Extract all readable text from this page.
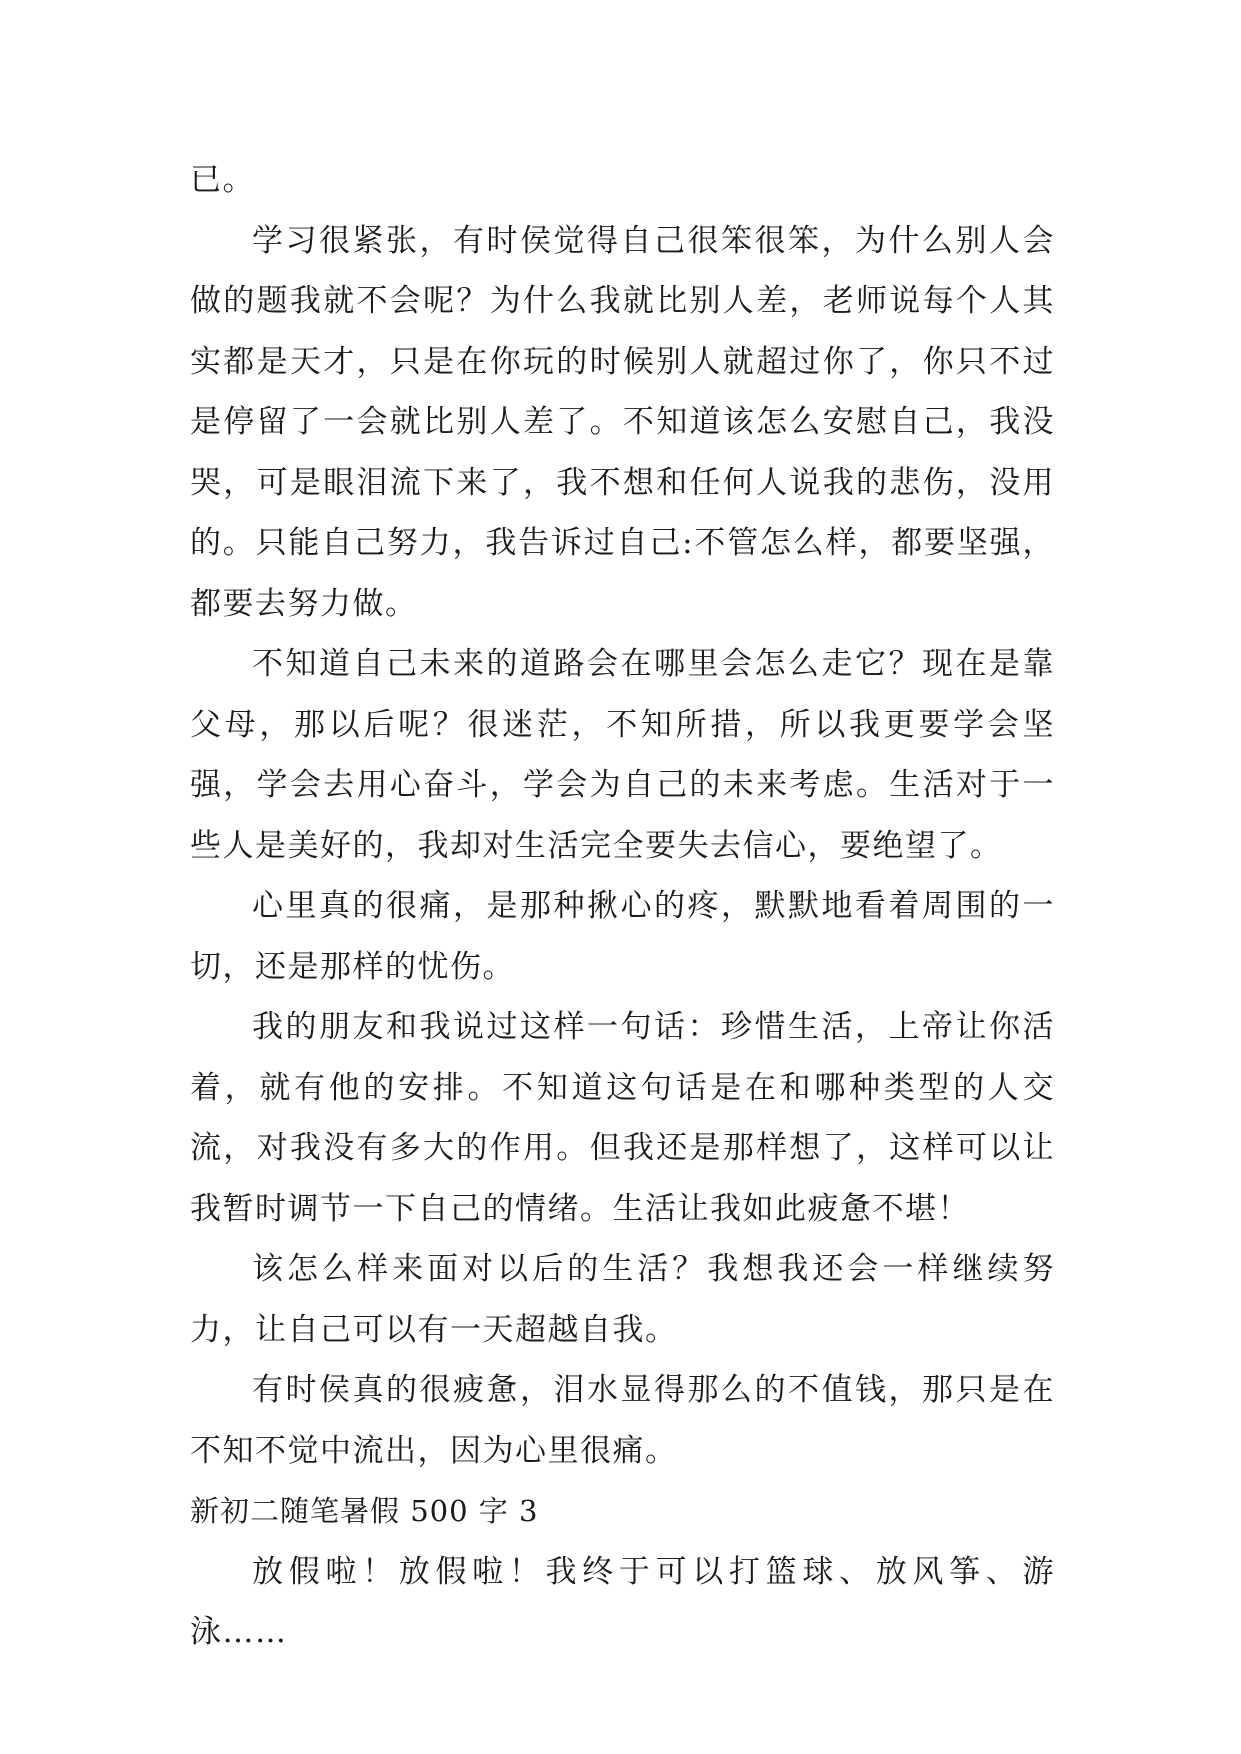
已。

学习很紧张，有时侯觉得自己很笨很笨，为什么别人会做的题我就不会呢？为什么我就比别人差，老师说每个人其实都是天才，只是在你玩的时候别人就超过你了，你只不过是停留了一会就比别人差了。不知道该怎么安慰自己，我没哭，可是眼泪流下来了，我不想和任何人说我的悲伤，没用的。只能自己努力，我告诉过自己:不管怎么样，都要坚强，都要去努力做。

不知道自己未来的道路会在哪里会怎么走它？现在是靠父母，那以后呢？很迷茫，不知所措，所以我更要学会坚强，学会去用心奋斗，学会为自己的未来考虑。生活对于一些人是美好的，我却对生活完全要失去信心，要绝望了。

心里真的很痛，是那种揪心的疼，默默地看着周围的一切，还是那样的忧伤。

我的朋友和我说过这样一句话：珍惜生活，上帝让你活着，就有他的安排。不知道这句话是在和哪种类型的人交流，对我没有多大的作用。但我还是那样想了，这样可以让我暂时调节一下自己的情绪。生活让我如此疲惫不堪！

该怎么样来面对以后的生活？我想我还会一样继续努力，让自己可以有一天超越自我。

有时侯真的很疲惫，泪水显得那么的不值钱，那只是在不知不觉中流出，因为心里很痛。

新初二随笔暑假 500 字 3

放假啦！放假啦！我终于可以打篮球、放风筝、游泳……
